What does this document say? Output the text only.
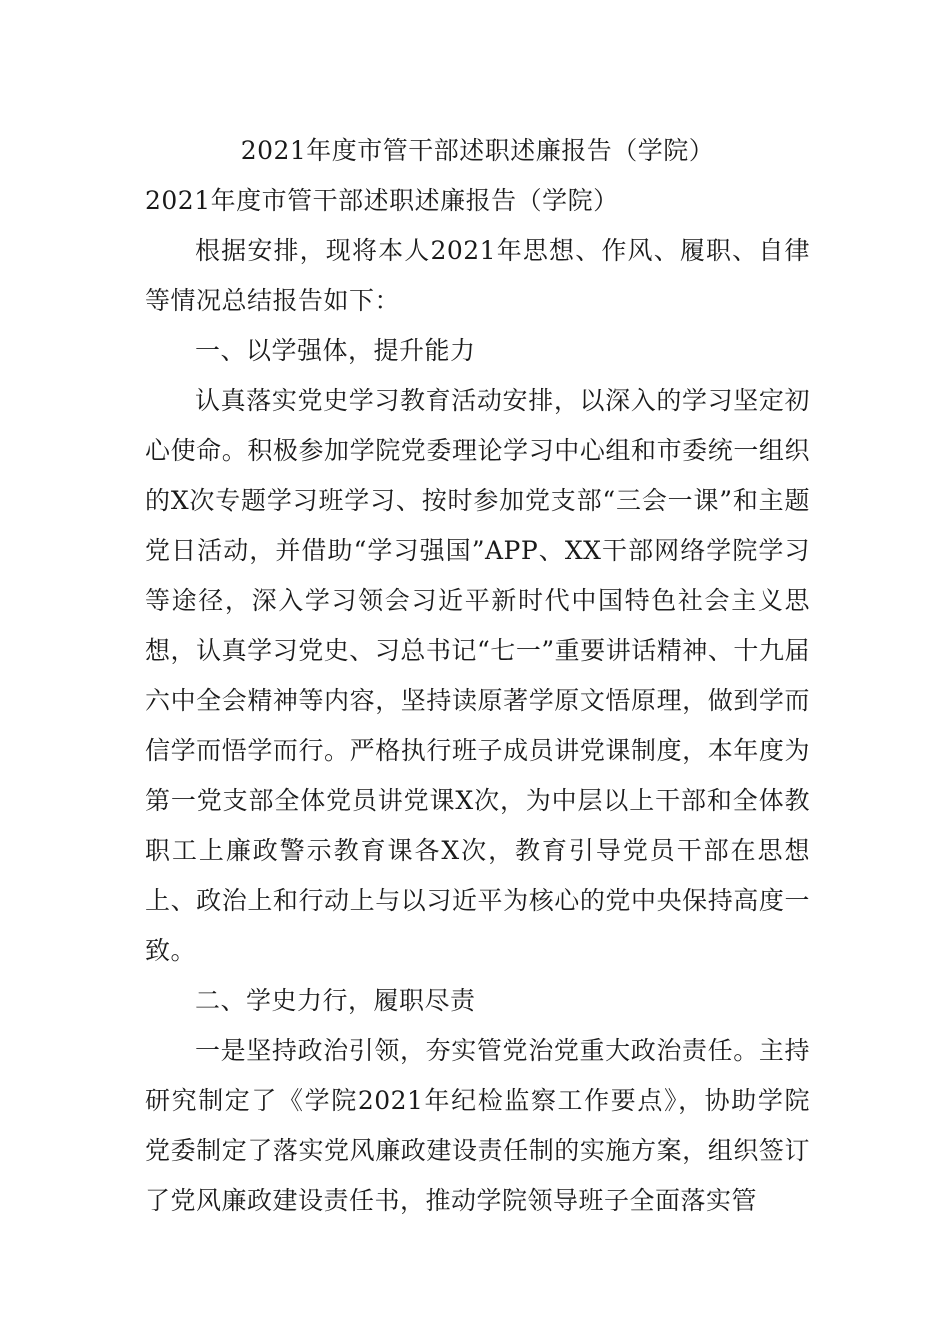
2021年度市管干部述职述廉报告（学院）
2021年度市管干部述职述廉报告（学院）

根据安排，现将本人2021年思想、作风、履职、自律等情况总结报告如下：

一、以学强体，提升能力

认真落实党史学习教育活动安排，以深入的学习坚定初心使命。积极参加学院党委理论学习中心组和市委统一组织的X次专题学习班学习、按时参加党支部“三会一课”和主题党日活动，并借助“学习强国”APP、XX干部网络学院学习等途径，深入学习领会习近平新时代中国特色社会主义思想，认真学习党史、习总书记“七一”重要讲话精神、十九届六中全会精神等内容，坚持读原著学原文悟原理，做到学而信学而悟学而行。严格执行班子成员讲党课制度，本年度为第一党支部全体党员讲党课X次，为中层以上干部和全体教职工上廉政警示教育课各X次，教育引导党员干部在思想上、政治上和行动上与以习近平为核心的党中央保持高度一致。

二、学史力行，履职尽责

一是坚持政治引领，夯实管党治党重大政治责任。主持研究制定了《学院2021年纪检监察工作要点》，协助学院党委制定了落实党风廉政建设责任制的实施方案，组织签订了党风廉政建设责任书，推动学院领导班子全面落实管
